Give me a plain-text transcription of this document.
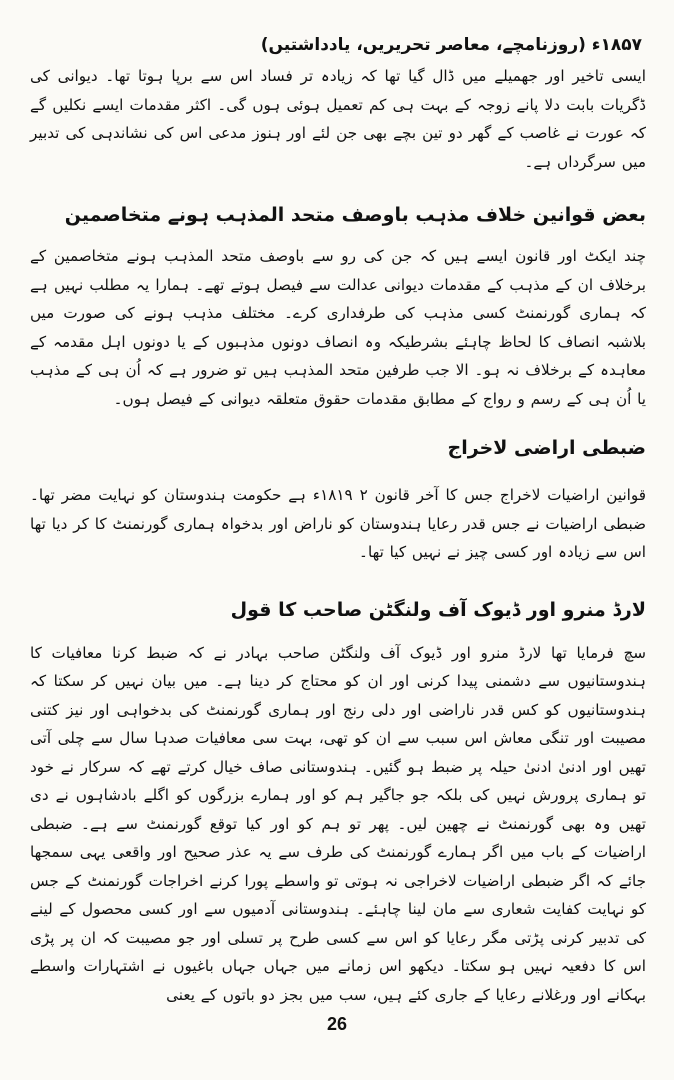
۱۸۵۷ء (روزنامچے، معاصر تحریریں، یادداشتیں)

ایسی تاخیر اور جھمیلے میں ڈال گیا تھا کہ زیادہ تر فساد اس سے برپا ہوتا تھا۔ دیوانی کی ڈگریات بابت دلا پانے زوجہ کے بہت ہی کم تعمیل ہوئی ہوں گی۔ اکثر مقدمات ایسے نکلیں گے کہ عورت نے غاصب کے گھر دو تین بچے بھی جن لئے اور ہنوز مدعی اس کی نشاندہی کی تدبیر میں سرگرداں ہے۔

بعض قوانین خلاف مذہب باوصف متحد المذہب ہونے متخاصمین

چند ایکٹ اور قانون ایسے ہیں کہ جن کی رو سے باوصف متحد المذہب ہونے متخاصمین کے برخلاف ان کے مذہب کے مقدمات دیوانی عدالت سے فیصل ہوتے تھے۔ ہمارا یہ مطلب نہیں ہے کہ ہماری گورنمنٹ کسی مذہب کی طرفداری کرے۔ مختلف مذہب ہونے کی صورت میں بلاشبہ انصاف کا لحاظ چاہئے بشرطیکہ وہ انصاف دونوں مذہبوں کے یا دونوں اہل مقدمہ کے معاہدہ کے برخلاف نہ ہو۔ الا جب طرفین متحد المذہب ہیں تو ضرور ہے کہ اُن ہی کے مذہب یا اُن ہی کے رسم و رواج کے مطابق مقدمات حقوق متعلقہ دیوانی کے فیصل ہوں۔

ضبطی اراضی لاخراج

قوانین اراضیات لاخراج جس کا آخر قانون ۲ ۱۸۱۹ء ہے حکومت ہندوستان کو نہایت مضر تھا۔ ضبطی اراضیات نے جس قدر رعایا ہندوستان کو ناراض اور بدخواہ ہماری گورنمنٹ کا کر دیا تھا اس سے زیادہ اور کسی چیز نے نہیں کیا تھا۔

لارڈ منرو اور ڈیوک آف ولنگٹن صاحب کا قول

سچ فرمایا تھا لارڈ منرو اور ڈیوک آف ولنگٹن صاحب بہادر نے کہ ضبط کرنا معافیات کا ہندوستانیوں سے دشمنی پیدا کرنی اور ان کو محتاج کر دینا ہے۔ میں بیان نہیں کر سکتا کہ ہندوستانیوں کو کس قدر ناراضی اور دلی رنج اور ہماری گورنمنٹ کی بدخواہی اور نیز کتنی مصیبت اور تنگی معاش اس سبب سے ان کو تھی، بہت سی معافیات صدہا سال سے چلی آتی تھیں اور ادنیٰ ادنیٰ حیلہ پر ضبط ہو گئیں۔ ہندوستانی صاف خیال کرتے تھے کہ سرکار نے خود تو ہماری پرورش نہیں کی بلکہ جو جاگیر ہم کو اور ہمارے بزرگوں کو اگلے بادشاہوں نے دی تھیں وہ بھی گورنمنٹ نے چھین لیں۔ پھر تو ہم کو اور کیا توقع گورنمنٹ سے ہے۔ ضبطی اراضیات کے باب میں اگر ہمارے گورنمنٹ کی طرف سے یہ عذر صحیح اور واقعی یہی سمجھا جائے کہ اگر ضبطی اراضیات لاخراجی نہ ہوتی تو واسطے پورا کرنے اخراجات گورنمنٹ کے جس کو نہایت کفایت شعاری سے مان لینا چاہئے۔ ہندوستانی آدمیوں سے اور کسی محصول کے لینے کی تدبیر کرنی پڑتی مگر رعایا کو اس سے کسی طرح پر تسلی اور جو مصیبت کہ ان پر پڑی اس کا دفعیہ نہیں ہو سکتا۔ دیکھو اس زمانے میں جہاں جہاں باغیوں نے اشتہارات واسطے بہکانے اور ورغلانے رعایا کے جاری کئے ہیں، سب میں بجز دو باتوں کے یعنی

26
